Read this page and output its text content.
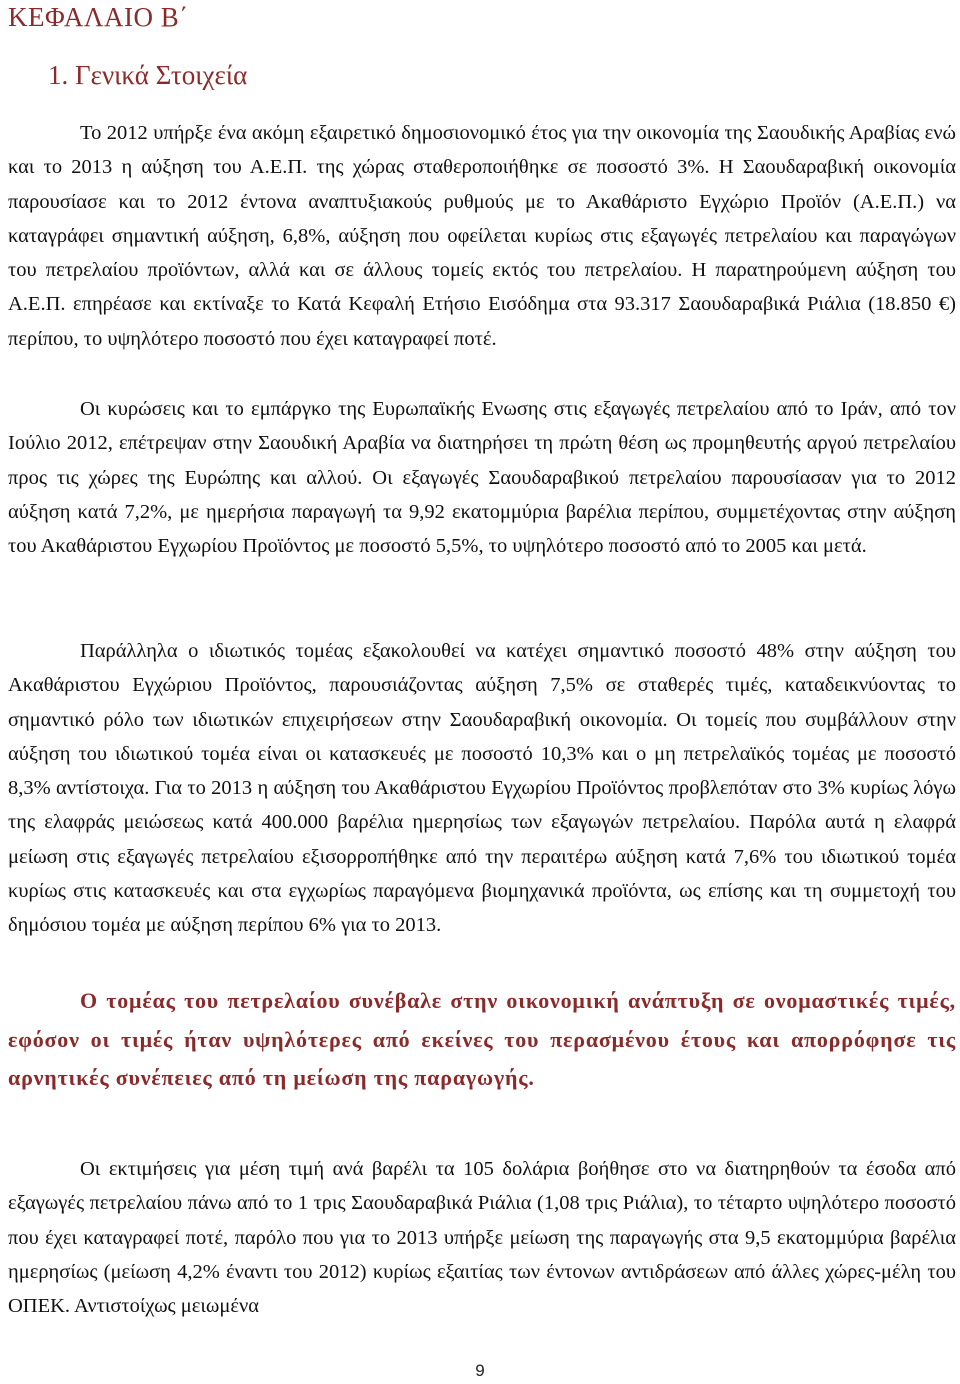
ΚΕΦΑΛΑΙΟ Β΄
1. Γενικά Στοιχεία

Το 2012 υπήρξε ένα ακόμη εξαιρετικό δημοσιονομικό έτος για την οικονομία της Σαουδικής Αραβίας ενώ και το 2013 η αύξηση του Α.Ε.Π. της χώρας σταθεροποιήθηκε σε ποσοστό 3%. Η Σαουδαραβική οικονομία παρουσίασε και το 2012 έντονα αναπτυξιακούς ρυθμούς με το Ακαθάριστο Εγχώριο Προϊόν (Α.Ε.Π.) να καταγράφει σημαντική αύξηση, 6,8%, αύξηση που οφείλεται κυρίως στις εξαγωγές πετρελαίου και παραγώγων του πετρελαίου προϊόντων, αλλά και σε άλλους τομείς εκτός του πετρελαίου. Η παρατηρούμενη αύξηση του Α.Ε.Π. επηρέασε και εκτίναξε το Κατά Κεφαλή Ετήσιο Εισόδημα στα 93.317 Σαουδαραβικά Ριάλια (18.850 €) περίπου, το υψηλότερο ποσοστό που έχει καταγραφεί ποτέ.

Οι κυρώσεις και το εμπάργκο της Ευρωπαϊκής Ενωσης στις εξαγωγές πετρελαίου από το Ιράν, από τον Ιούλιο 2012, επέτρεψαν στην Σαουδική Αραβία να διατηρήσει τη πρώτη θέση ως προμηθευτής αργού πετρελαίου προς τις χώρες της Ευρώπης και αλλού. Οι εξαγωγές Σαουδαραβικού πετρελαίου παρουσίασαν για το 2012 αύξηση κατά 7,2%, με ημερήσια παραγωγή τα 9,92 εκατομμύρια βαρέλια περίπου, συμμετέχοντας στην αύξηση του Ακαθάριστου Εγχωρίου Προϊόντος με ποσοστό 5,5%, το υψηλότερο ποσοστό από το 2005 και μετά.

Παράλληλα ο ιδιωτικός τομέας εξακολουθεί να κατέχει σημαντικό ποσοστό 48% στην αύξηση του Ακαθάριστου Εγχώριου Προϊόντος, παρουσιάζοντας αύξηση 7,5% σε σταθερές τιμές, καταδεικνύοντας το σημαντικό ρόλο των ιδιωτικών επιχειρήσεων στην Σαουδαραβική οικονομία. Οι τομείς που συμβάλλουν στην αύξηση του ιδιωτικού τομέα είναι οι κατασκευές με ποσοστό 10,3% και ο μη πετρελαϊκός τομέας με ποσοστό 8,3% αντίστοιχα. Για το 2013 η αύξηση του Ακαθάριστου Εγχωρίου Προϊόντος προβλεπόταν στο 3% κυρίως λόγω της ελαφράς μειώσεως κατά 400.000 βαρέλια ημερησίως των εξαγωγών πετρελαίου. Παρόλα αυτά η ελαφρά μείωση στις εξαγωγές πετρελαίου εξισορροπήθηκε από την περαιτέρω αύξηση κατά 7,6% του ιδιωτικού τομέα κυρίως στις κατασκευές και στα εγχωρίως παραγόμενα βιομηχανικά προϊόντα, ως επίσης και τη συμμετοχή του δημόσιου τομέα με αύξηση περίπου 6% για το 2013.

Ο τομέας του πετρελαίου συνέβαλε στην οικονομική ανάπτυξη σε ονομαστικές τιμές, εφόσον οι τιμές ήταν υψηλότερες από εκείνες του περασμένου έτους και απορρόφησε τις αρνητικές συνέπειες από τη μείωση της παραγωγής.

Οι εκτιμήσεις για μέση τιμή ανά βαρέλι τα 105 δολάρια βοήθησε στο να διατηρηθούν τα έσοδα από εξαγωγές πετρελαίου πάνω από το 1 τρις Σαουδαραβικά Ριάλια (1,08 τρις Ριάλια), το τέταρτο υψηλότερο ποσοστό που έχει καταγραφεί ποτέ, παρόλο που για το 2013 υπήρξε μείωση της παραγωγής στα 9,5 εκατομμύρια βαρέλια ημερησίως (μείωση 4,2% έναντι του 2012) κυρίως εξαιτίας των έντονων αντιδράσεων από άλλες χώρες-μέλη του ΟΠΕΚ. Αντιστοίχως μειωμένα

9
